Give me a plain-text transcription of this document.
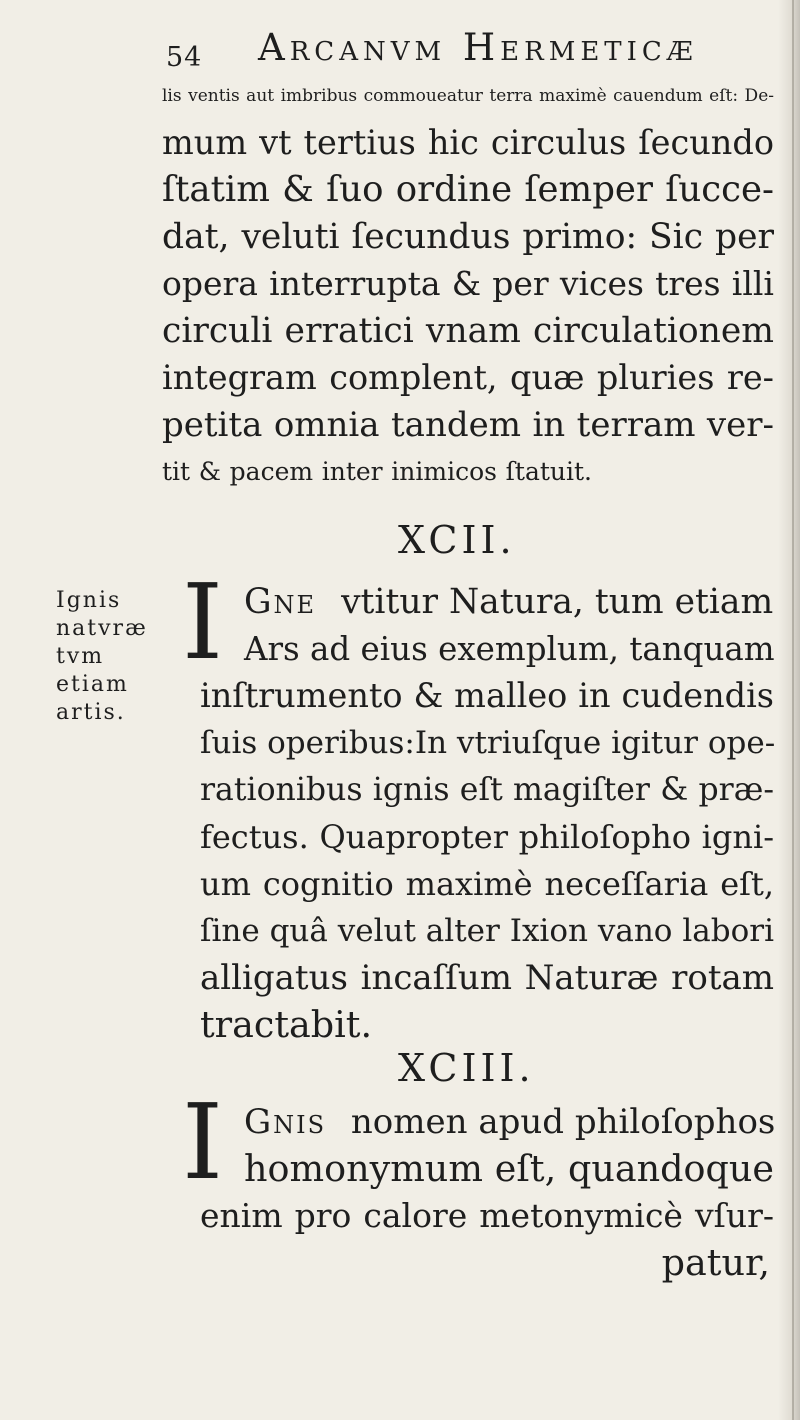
54 Arcanvm Hermeticæ
lis ventis aut imbribus commoueatur terra maximè cauendum eſt: De-
mum vt tertius hic circulus ſecundo
ſtatim & ſuo ordine ſemper ſucce-
dat, veluti ſecundus primo: Sic per
opera interrupta & per vices tres illi
circuli erratici vnam circulationem
integram complent, quæ pluries re-
petita omnia tandem in terram ver-
tit & pacem inter inimicos ſtatuit.
XCII.
Ignis
natvræ
tvm
etiam
artis.
I Gne vtitur Natura, tum etiam
Ars ad eius exemplum, tanquam
inſtrumento & malleo in cudendis
ſuis operibus:In vtriuſque igitur ope-
rationibus ignis eſt magiſter & præ-
fectus. Quapropter philoſopho igni-
um cognitio maximè neceſſaria eſt,
ſine quâ velut alter Ixion vano labori
alligatus incaſſum Naturæ rotam
tractabit.
XCIII.
I Gnis nomen apud philoſophos
homonymum eſt, quandoque
enim pro calore metonymicè vſur-
patur,
